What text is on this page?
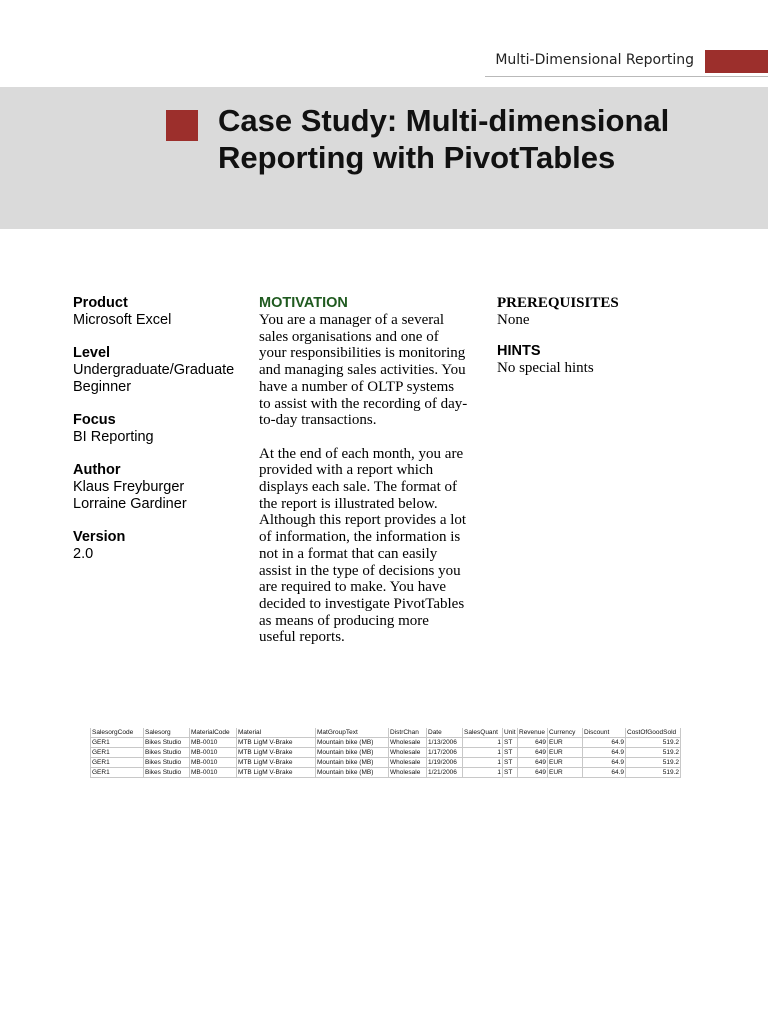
Multi-Dimensional Reporting
Case Study: Multi-dimensional
Reporting with PivotTables
Product
Microsoft Excel
Level
Undergraduate/Graduate
Beginner
Focus
BI Reporting
Author
Klaus Freyburger
Lorraine Gardiner
Version
2.0
MOTIVATION

You are a manager of a several sales organisations and one of your responsibilities is monitoring and managing sales activities. You have a number of OLTP systems to assist with the recording of day-to-day transactions.

At the end of each month, you are provided with a report which displays each sale. The format of the report is illustrated below. Although this report provides a lot of information, the information is not in a format that can easily assist in the type of decisions you are required to make. You have decided to investigate PivotTables as means of producing more useful reports.

PREREQUISITES
None
HINTS
No special hints
SalesorgCode	Salesorg	MaterialCode	Material	MatGroupText	DistrChan	Date	SalesQuant	Unit	Revenue	Currency	Discount	CostOfGoodSold
GER1	Bikes Studio	MB-0010	MTB LigM V-Brake	Mountain bike (MB)	Wholesale	1/13/2006	1	ST	649	EUR	64.9	519.2
GER1	Bikes Studio	MB-0010	MTB LigM V-Brake	Mountain bike (MB)	Wholesale	1/17/2006	1	ST	649	EUR	64.9	519.2
GER1	Bikes Studio	MB-0010	MTB LigM V-Brake	Mountain bike (MB)	Wholesale	1/19/2006	1	ST	649	EUR	64.9	519.2
GER1	Bikes Studio	MB-0010	MTB LigM V-Brake	Mountain bike (MB)	Wholesale	1/21/2006	1	ST	649	EUR	64.9	519.2
